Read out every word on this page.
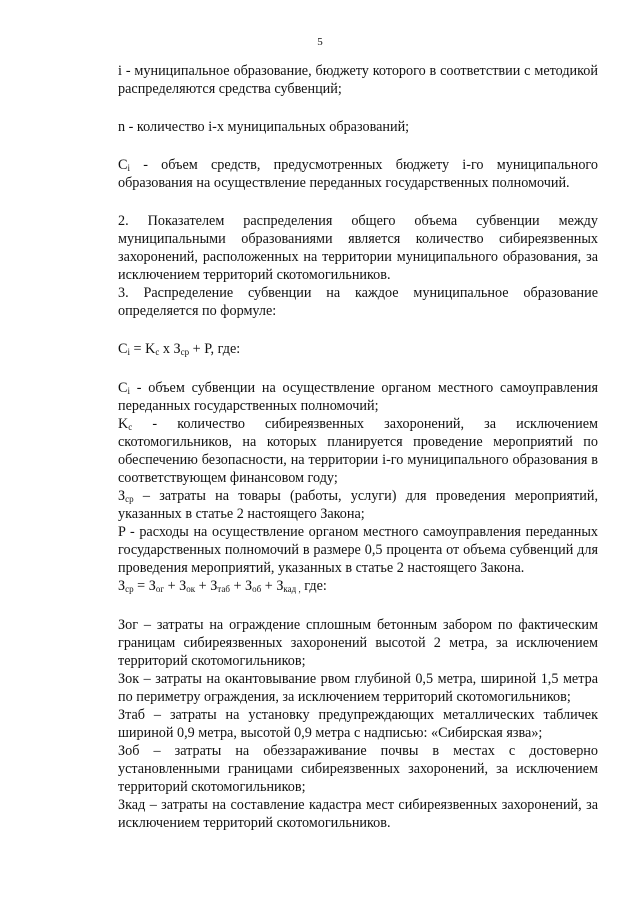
5

i - муниципальное образование, бюджету которого в соответствии с методикой распределяются средства субвенций;

n - количество i-х муниципальных образований;

$C_i$ - объем средств, предусмотренных бюджету i-го муниципального образования на осуществление переданных государственных полномочий.

2. Показателем распределения общего объема субвенции между муниципальными образованиями является количество сибиреязвенных захоронений, расположенных на территории муниципального образования, за исключением территорий скотомогильников.

3. Распределение субвенции на каждое муниципальное образование определяется по формуле:

$C_i = K_c$ x $З_{ср} + P$, где:

$C_i$ - объем субвенции на осуществление органом местного самоуправления переданных государственных полномочий;

$K_c$ - количество сибиреязвенных захоронений, за исключением скотомогильников, на которых планируется проведение мероприятий по обеспечению безопасности, на территории i-го муниципального образования в соответствующем финансовом году;

$З_{ср}$ – затраты на товары (работы, услуги) для проведения мероприятий, указанных в статье 2 настоящего Закона;

P - расходы на осуществление органом местного самоуправления переданных государственных полномочий в размере 0,5 процента от объема субвенций для проведения мероприятий, указанных в статье 2 настоящего Закона.

$З_{ср} = З_{ог} + З_{ок} + З_{таб} + З_{об} + З_{кад ,}$ где:

Зог – затраты на ограждение сплошным бетонным забором по фактическим границам сибиреязвенных захоронений высотой 2 метра, за исключением территорий скотомогильников;

Зок – затраты на окантовывание рвом глубиной 0,5 метра, шириной 1,5 метра по периметру ограждения, за исключением территорий скотомогильников;

Зтаб – затраты на установку предупреждающих металлических табличек шириной 0,9 метра, высотой 0,9 метра с надписью: «Сибирская язва»;

Зоб – затраты на обеззараживание почвы в местах с достоверно установленными границами сибиреязвенных захоронений, за исключением территорий скотомогильников;

Зкад – затраты на составление кадастра мест сибиреязвенных захоронений, за исключением территорий скотомогильников.
